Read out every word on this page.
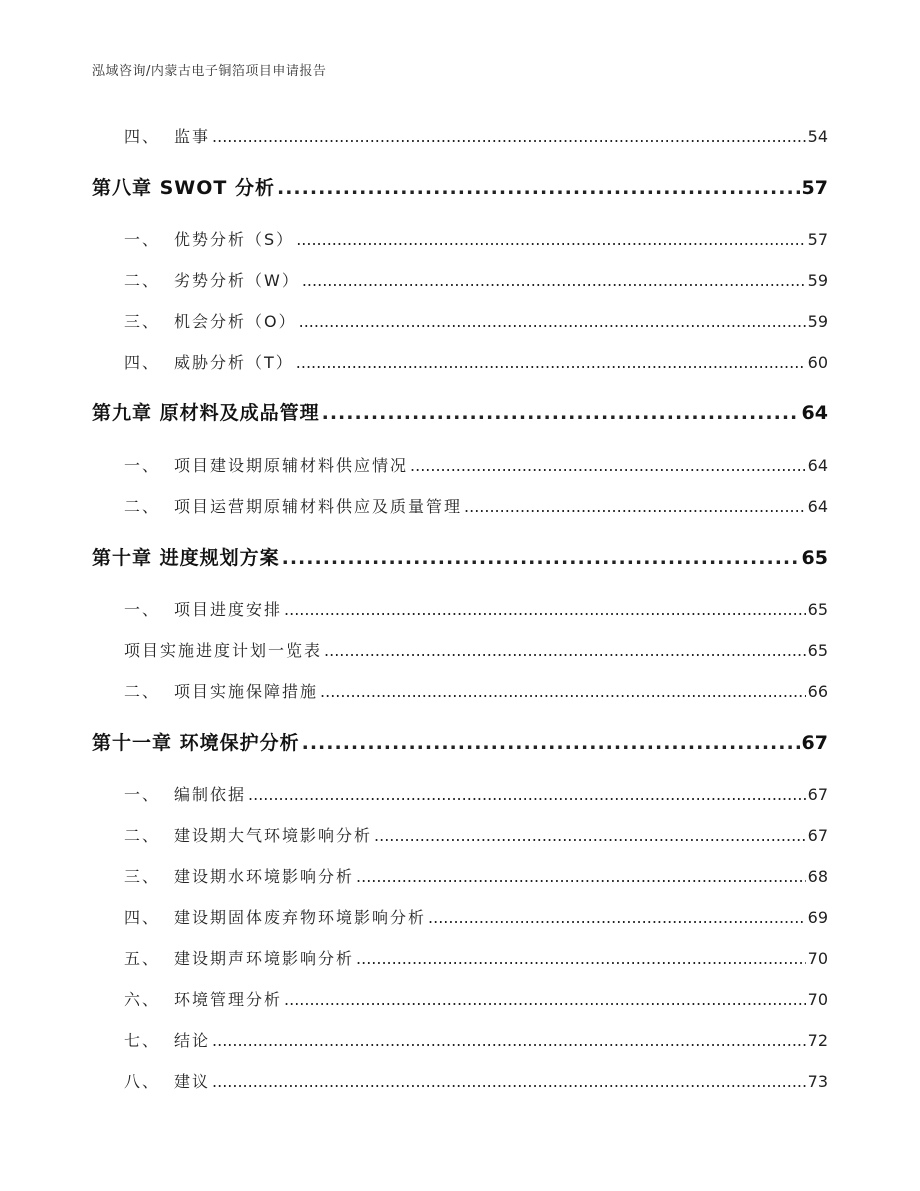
泓域咨询/内蒙古电子铜箔项目申请报告
四、 监事 .....	54
第八章 SWOT 分析 .....	57
一、 优势分析（S） .....	57
二、 劣势分析（W） .....	59
三、 机会分析（O） .....	59
四、 威胁分析（T） .....	60
第九章 原材料及成品管理 .....	64
一、 项目建设期原辅材料供应情况 .....	64
二、 项目运营期原辅材料供应及质量管理 .....	64
第十章 进度规划方案 .....	65
一、 项目进度安排 .....	65
项目实施进度计划一览表 .....	65
二、 项目实施保障措施 .....	66
第十一章 环境保护分析 .....	67
一、 编制依据 .....	67
二、 建设期大气环境影响分析 .....	67
三、 建设期水环境影响分析 .....	68
四、 建设期固体废弃物环境影响分析 .....	69
五、 建设期声环境影响分析 .....	70
六、 环境管理分析 .....	70
七、 结论 .....	72
八、 建议 .....	73
